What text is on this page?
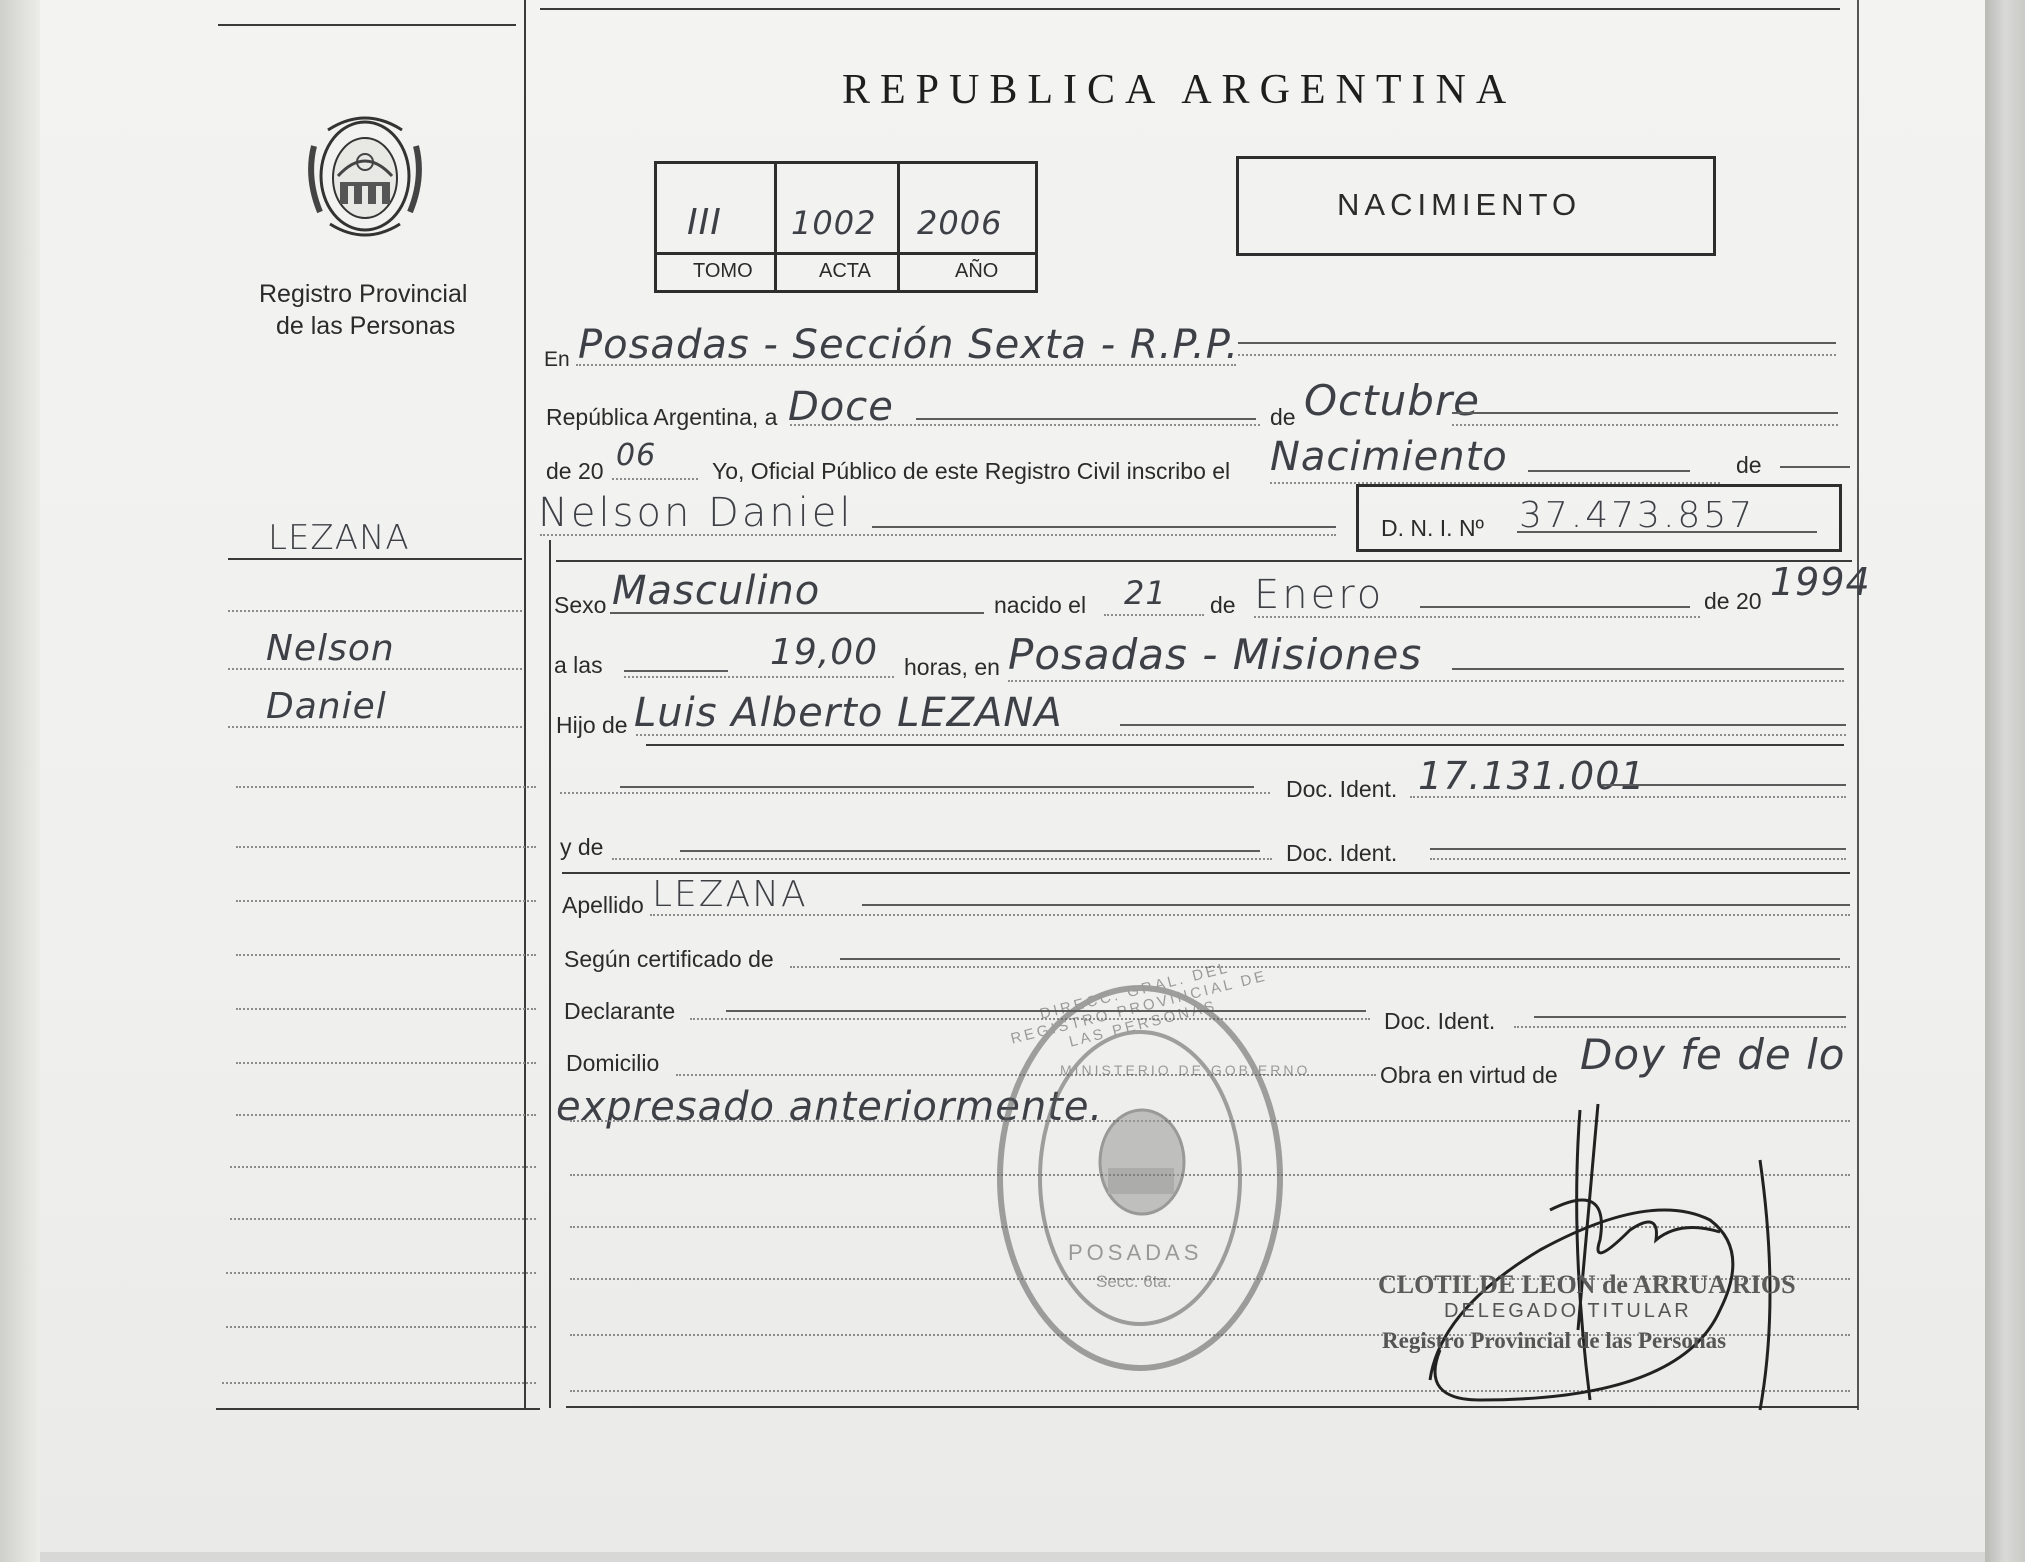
Registro Provincial
de las Personas
REPUBLICA ARGENTINA
III 1002 2006
TOMO	ACTA	AÑO
NACIMIENTO
LEZANA
Nelson
Daniel
En Posadas - Sección Sexta - R.P.P.
República Argentina, a Doce	de Octubre
de 20 06 Yo, Oficial Público de este Registro Civil inscribo el Nacimiento	de
Nelson Daniel	D. N. I. Nº 37.473.857
Sexo Masculino	nacido el 21 de Enero	de 20 1994
a las	19,00 horas, en Posadas - Misiones
Hijo de Luis Alberto LEZANA
Doc. Ident. 17.131.001
y de	Doc. Ident.
Apellido LEZANA
Según certificado de
Declarante	Doc. Ident.
Domicilio	Obra en virtud de Doy fe de lo
expresado anteriormente.
DIRECC. GRAL. DEL REGISTRO PROVINCIAL DE LAS PERSONAS
MINISTERIO DE GOBIERNO
POSADAS
Secc. 6ta.	CLOTILDE LEON de ARRUA RIOS
DELEGADO TITULAR
Registro Provincial de las Personas
